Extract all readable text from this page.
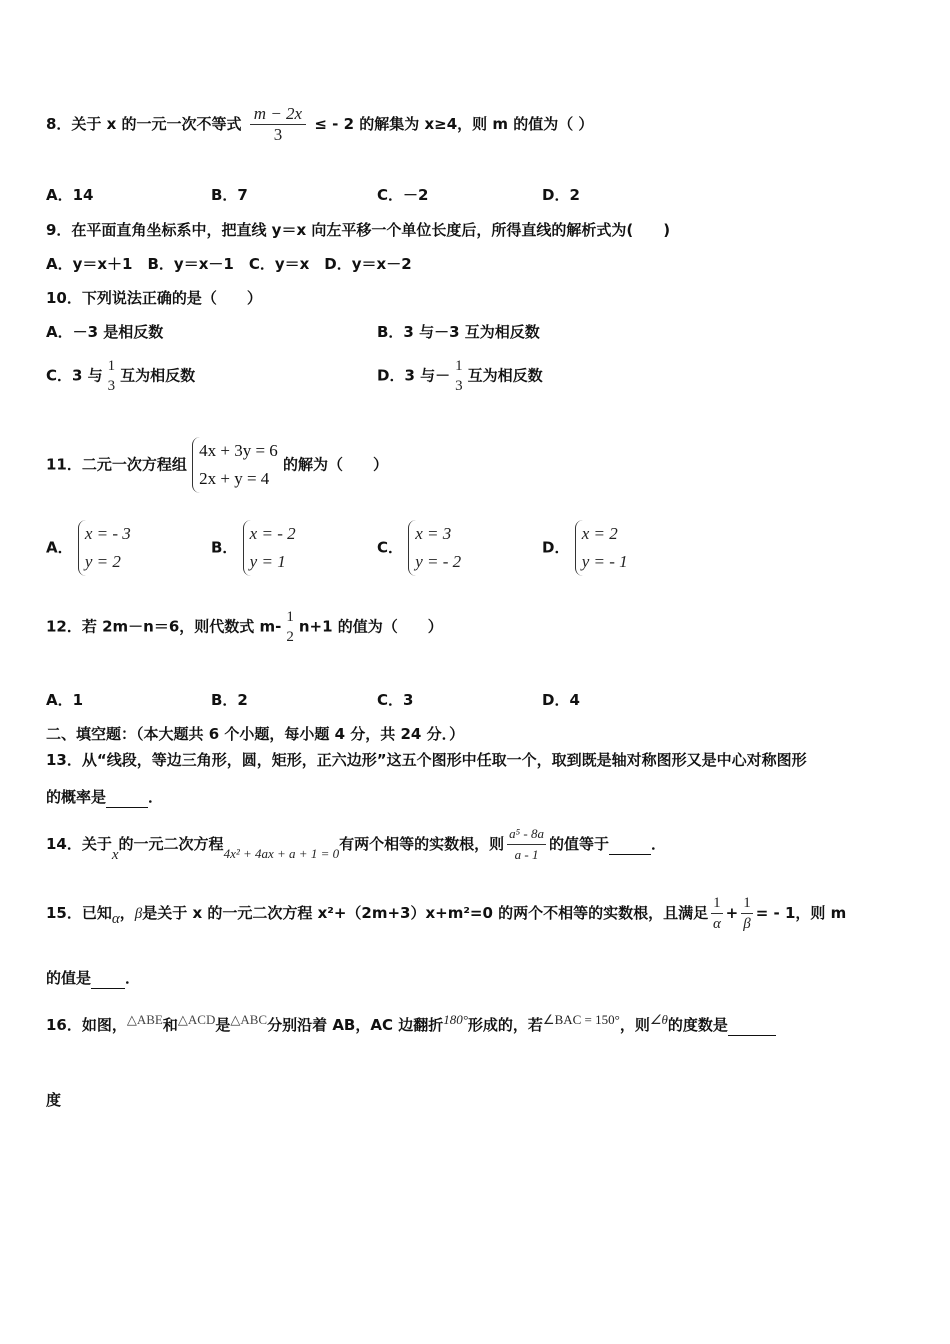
8．关于 x 的一元一次不等式 $\frac{m - 2x}{3}$ ≤ - 2 的解集为 x≥4，则 m 的值为（ ）
A．14	B．7	C．－2	D．2
9．在平面直角坐标系中，把直线 y＝x 向左平移一个单位长度后，所得直线的解析式为(　　)
A．y＝x＋1　B．y＝x－1　C．y＝x　D．y＝x－2
10．下列说法正确的是（　　）
A．－3 是相反数	B．3 与－3 互为相反数
C．3 与
1
3
互为相反数	D．3 与－
1
3
互为相反数
11．二元一次方程组
4x + 3y = 6
2x + y = 4
的解为（　　）
A．
x = - 3
y = 2
B．
x = - 2
y = 1
C．
x = 3
y = - 2
D．
x = 2
y = - 1
12．若 2m－n＝6，则代数式 m-
1
2
n+1 的值为（　　）
A．1	B．2	C．3	D．4
二、填空题：（本大题共 6 个小题，每小题 4 分，共 24 分．）
13．从“线段，等边三角形，圆，矩形，正六边形”这五个图形中任取一个，取到既是轴对称图形又是中心对称图形
的概率是	．
14．关于x的一元二次方程4x² + 4ax + a + 1 = 0有两个相等的实数根，则 $\frac{\text{a⁵ - 8a}}{a - 1}$ 的值等于	．
15．已知α，β是关于 x 的一元二次方程 x²+（2m+3）x+m²=0 的两个不相等的实数根，且满足 $\frac{1}{\alpha} + \frac{1}{\beta}$ = - 1，则 m
的值是 ．
16．如图，△ABE和△ACD是△ABC分别沿着 AB，AC 边翻折180°形成的，若∠BAC = 150°，则∠θ的度数是
度
